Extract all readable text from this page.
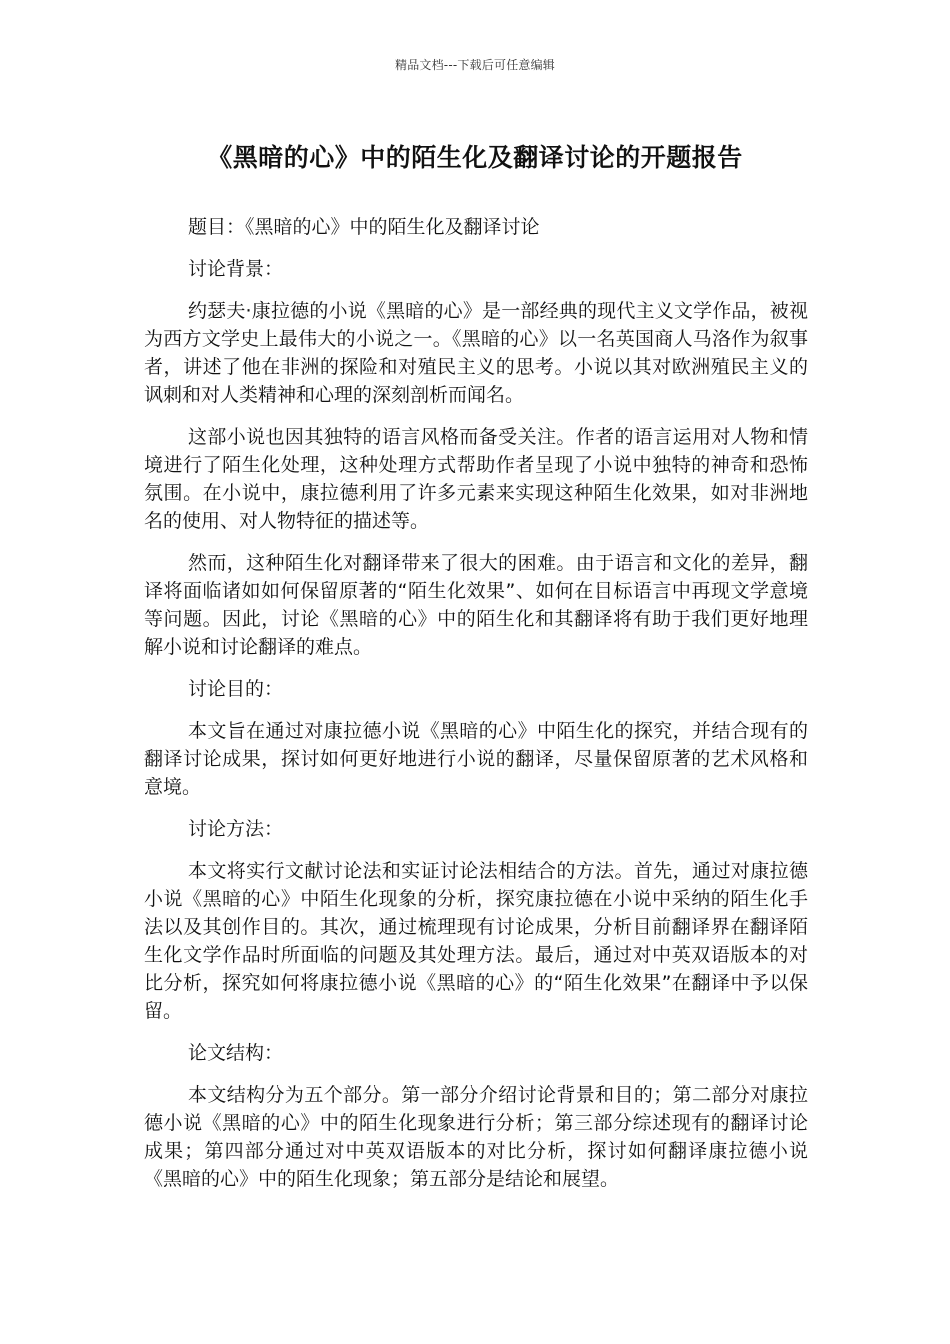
精品文档---下载后可任意编辑
《黑暗的心》中的陌生化及翻译讨论的开题报告

题目：《黑暗的心》中的陌生化及翻译讨论

讨论背景：

约瑟夫·康拉德的小说《黑暗的心》是一部经典的现代主义文学作品，被视为西方文学史上最伟大的小说之一。《黑暗的心》以一名英国商人马洛作为叙事者，讲述了他在非洲的探险和对殖民主义的思考。小说以其对欧洲殖民主义的讽刺和对人类精神和心理的深刻剖析而闻名。

这部小说也因其独特的语言风格而备受关注。作者的语言运用对人物和情境进行了陌生化处理，这种处理方式帮助作者呈现了小说中独特的神奇和恐怖氛围。在小说中，康拉德利用了许多元素来实现这种陌生化效果，如对非洲地名的使用、对人物特征的描述等。

然而，这种陌生化对翻译带来了很大的困难。由于语言和文化的差异，翻译将面临诸如如何保留原著的“陌生化效果”、如何在目标语言中再现文学意境等问题。因此，讨论《黑暗的心》中的陌生化和其翻译将有助于我们更好地理解小说和讨论翻译的难点。

讨论目的：

本文旨在通过对康拉德小说《黑暗的心》中陌生化的探究，并结合现有的翻译讨论成果，探讨如何更好地进行小说的翻译，尽量保留原著的艺术风格和意境。

讨论方法：

本文将实行文献讨论法和实证讨论法相结合的方法。首先，通过对康拉德小说《黑暗的心》中陌生化现象的分析，探究康拉德在小说中采纳的陌生化手法以及其创作目的。其次，通过梳理现有讨论成果，分析目前翻译界在翻译陌生化文学作品时所面临的问题及其处理方法。最后，通过对中英双语版本的对比分析，探究如何将康拉德小说《黑暗的心》的“陌生化效果”在翻译中予以保留。

论文结构：

本文结构分为五个部分。第一部分介绍讨论背景和目的；第二部分对康拉德小说《黑暗的心》中的陌生化现象进行分析；第三部分综述现有的翻译讨论成果；第四部分通过对中英双语版本的对比分析，探讨如何翻译康拉德小说《黑暗的心》中的陌生化现象；第五部分是结论和展望。
